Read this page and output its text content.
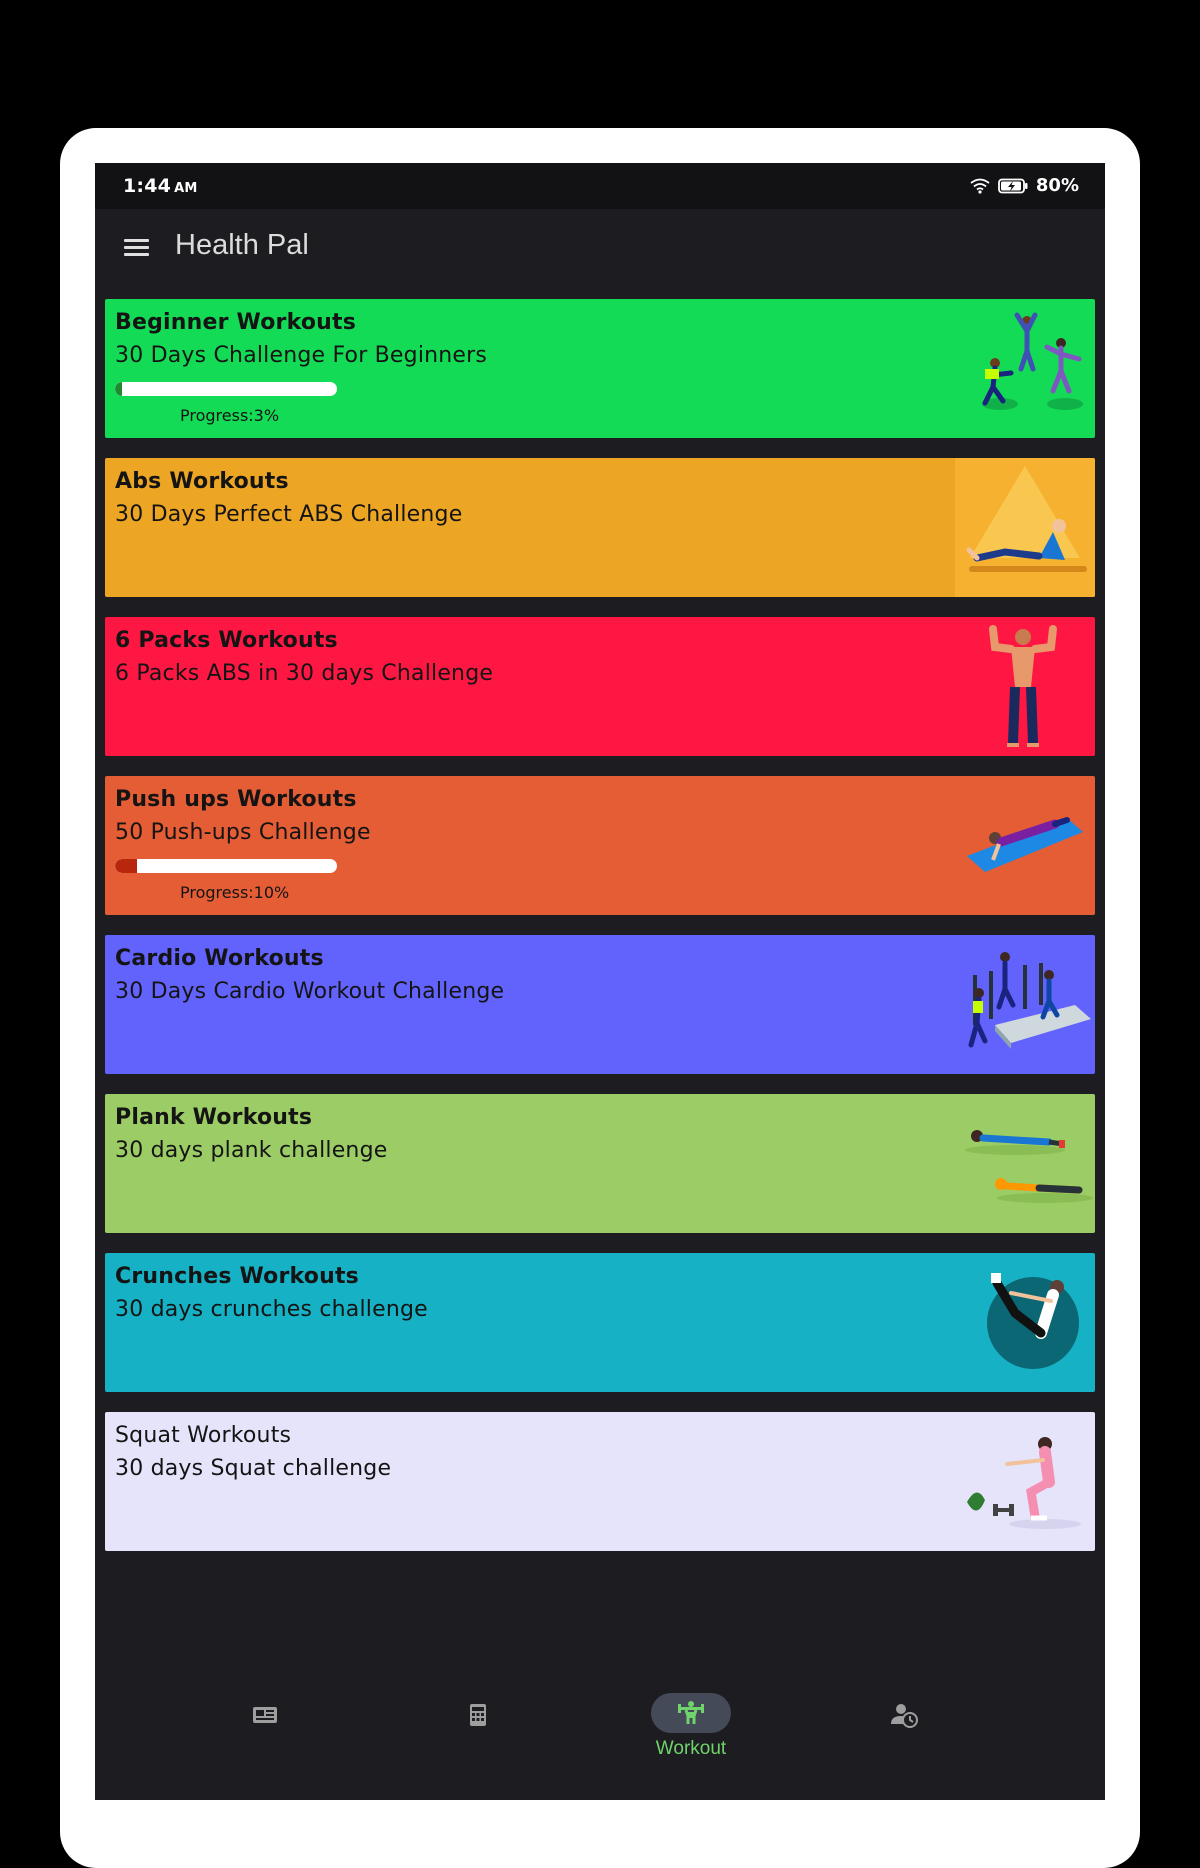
1:44 AM	80%
Health Pal
Beginner Workouts
30 Days Challenge For Beginners
Progress:3%
Abs Workouts
30 Days Perfect ABS Challenge
6 Packs Workouts
6 Packs ABS in 30 days Challenge
Push ups Workouts
50 Push-ups Challenge
Progress:10%
Cardio Workouts
30 Days Cardio Workout Challenge
Plank Workouts
30 days plank challenge
Crunches Workouts
30 days crunches challenge
Squat Workouts
30 days Squat challenge
Workout
